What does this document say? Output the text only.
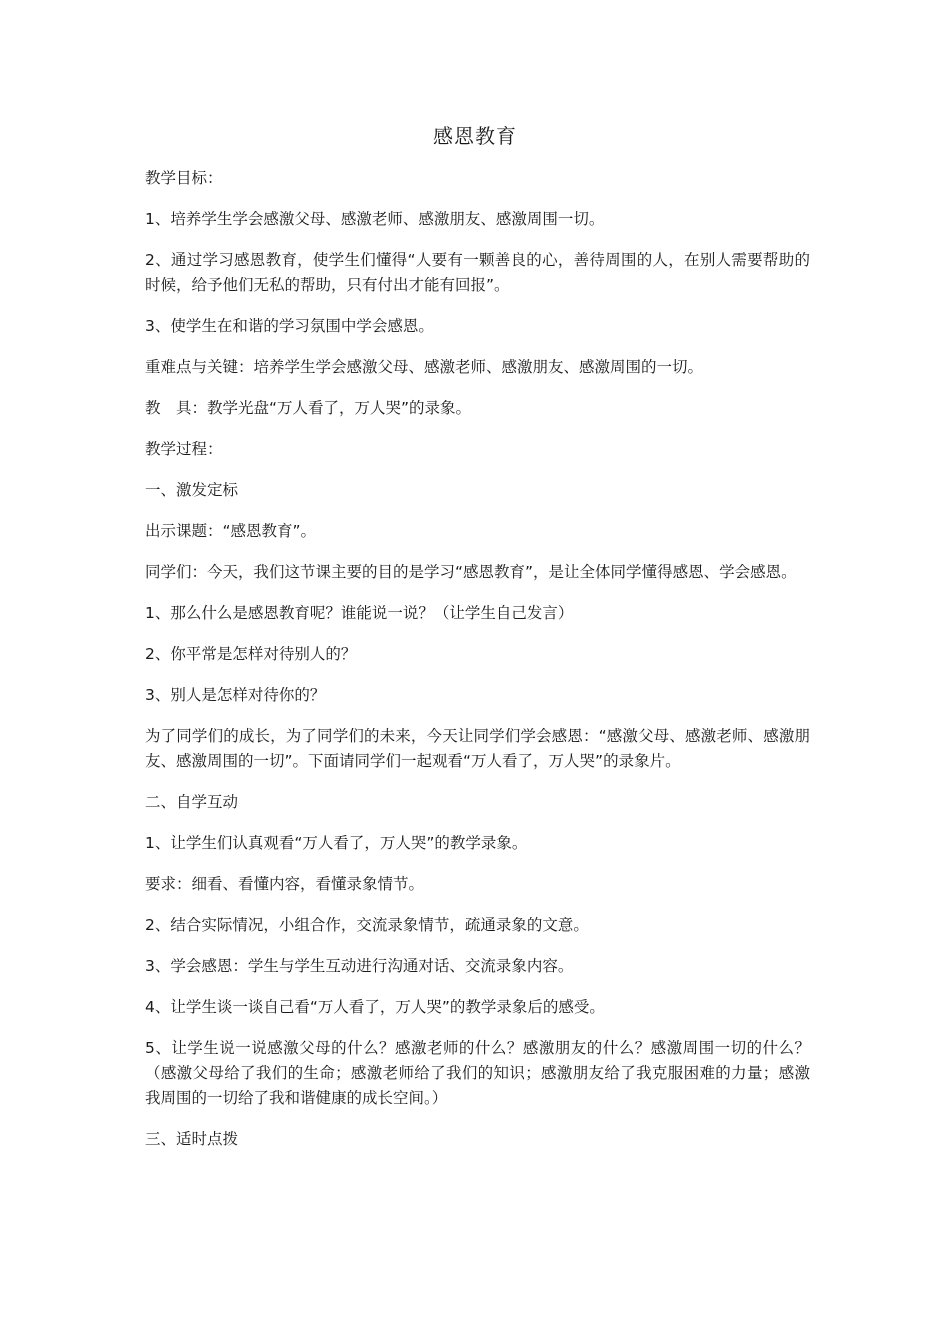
感恩教育

教学目标：

1、培养学生学会感激父母、感激老师、感激朋友、感激周围一切。

2、通过学习感恩教育，使学生们懂得“人要有一颗善良的心，善待周围的人，在别人需要帮助的时候，给予他们无私的帮助，只有付出才能有回报”。

3、使学生在和谐的学习氛围中学会感恩。

重难点与关键：培养学生学会感激父母、感激老师、感激朋友、感激周围的一切。

教　具：教学光盘“万人看了，万人哭”的录象。

教学过程：

一、激发定标

出示课题：“感恩教育”。

同学们：今天，我们这节课主要的目的是学习“感恩教育”，是让全体同学懂得感恩、学会感恩。

1、那么什么是感恩教育呢？谁能说一说？（让学生自己发言）

2、你平常是怎样对待别人的？

3、别人是怎样对待你的？

为了同学们的成长，为了同学们的未来，今天让同学们学会感恩：“感激父母、感激老师、感激朋友、感激周围的一切”。下面请同学们一起观看“万人看了，万人哭”的录象片。

二、自学互动

1、让学生们认真观看“万人看了，万人哭”的教学录象。

要求：细看、看懂内容，看懂录象情节。

2、结合实际情况，小组合作，交流录象情节，疏通录象的文意。

3、学会感恩：学生与学生互动进行沟通对话、交流录象内容。

4、让学生谈一谈自己看“万人看了，万人哭”的教学录象后的感受。

5、让学生说一说感激父母的什么？感激老师的什么？感激朋友的什么？感激周围一切的什么？（感激父母给了我们的生命；感激老师给了我们的知识；感激朋友给了我克服困难的力量；感激我周围的一切给了我和谐健康的成长空间。）

三、适时点拨
